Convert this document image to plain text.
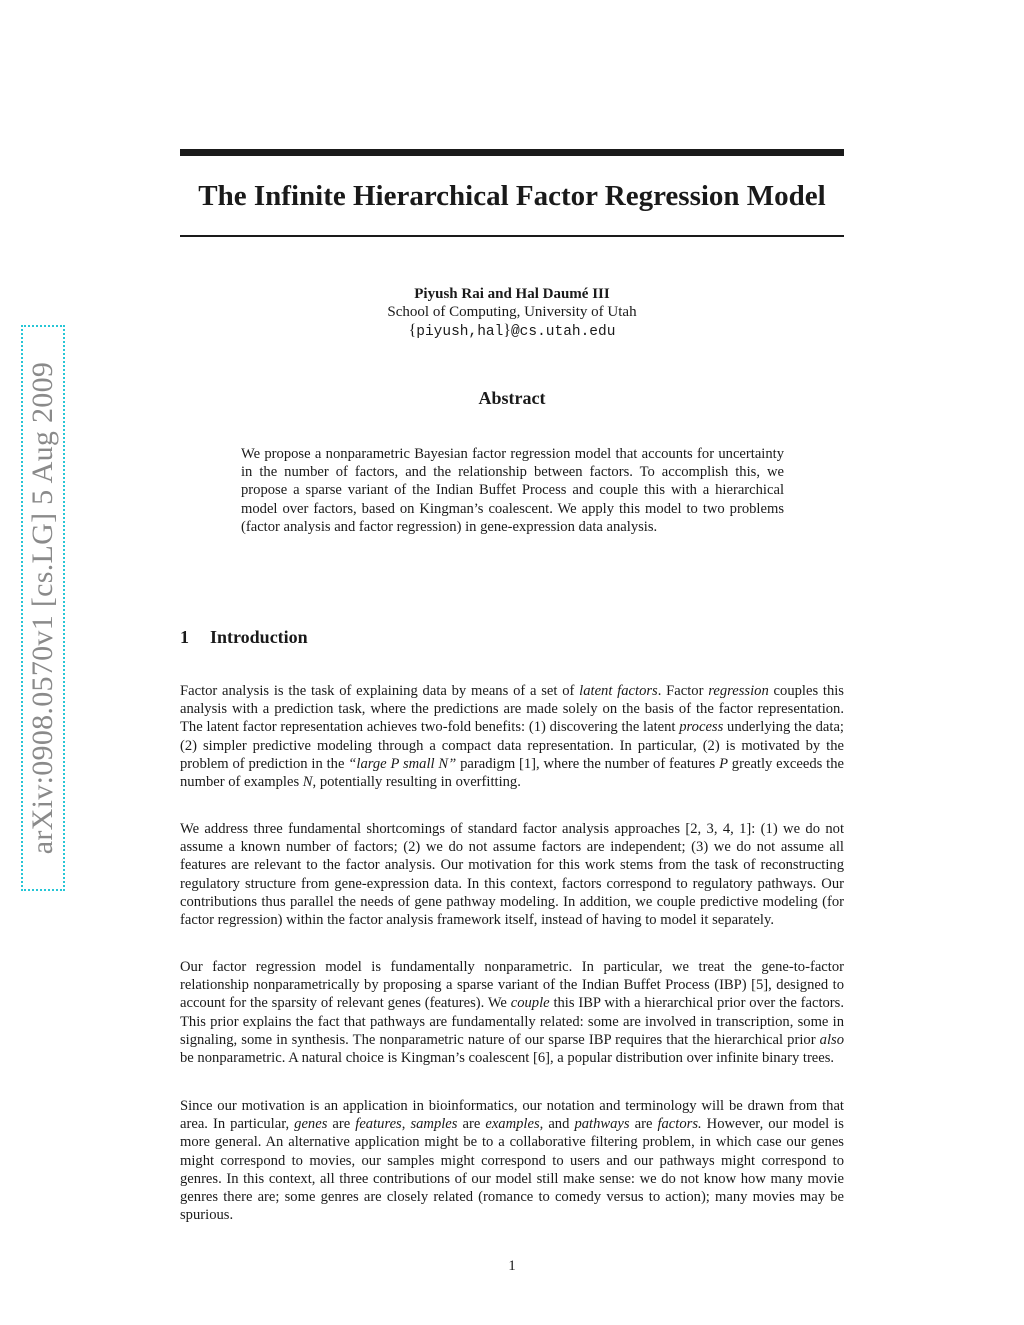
arXiv:0908.0570v1 [cs.LG] 5 Aug 2009
The Infinite Hierarchical Factor Regression Model
Piyush Rai and Hal Daumé III
School of Computing, University of Utah
{piyush,hal}@cs.utah.edu
Abstract

We propose a nonparametric Bayesian factor regression model that accounts for uncertainty in the number of factors, and the relationship between factors. To accomplish this, we propose a sparse variant of the Indian Buffet Process and couple this with a hierarchical model over factors, based on Kingman’s coalescent. We apply this model to two problems (factor analysis and factor regression) in gene-expression data analysis.

1 Introduction

Factor analysis is the task of explaining data by means of a set of latent factors. Factor regression couples this analysis with a prediction task, where the predictions are made solely on the basis of the factor representation. The latent factor representation achieves two-fold benefits: (1) discovering the latent process underlying the data; (2) simpler predictive modeling through a compact data representation. In particular, (2) is motivated by the problem of prediction in the “large P small N” paradigm [1], where the number of features P greatly exceeds the number of examples N, potentially resulting in overfitting.

We address three fundamental shortcomings of standard factor analysis approaches [2, 3, 4, 1]: (1) we do not assume a known number of factors; (2) we do not assume factors are independent; (3) we do not assume all features are relevant to the factor analysis. Our motivation for this work stems from the task of reconstructing regulatory structure from gene-expression data. In this context, factors correspond to regulatory pathways. Our contributions thus parallel the needs of gene pathway modeling. In addition, we couple predictive modeling (for factor regression) within the factor analysis framework itself, instead of having to model it separately.

Our factor regression model is fundamentally nonparametric. In particular, we treat the gene-to-factor relationship nonparametrically by proposing a sparse variant of the Indian Buffet Process (IBP) [5], designed to account for the sparsity of relevant genes (features). We couple this IBP with a hierarchical prior over the factors. This prior explains the fact that pathways are fundamentally related: some are involved in transcription, some in signaling, some in synthesis. The nonparametric nature of our sparse IBP requires that the hierarchical prior also be nonparametric. A natural choice is Kingman’s coalescent [6], a popular distribution over infinite binary trees.

Since our motivation is an application in bioinformatics, our notation and terminology will be drawn from that area. In particular, genes are features, samples are examples, and pathways are factors. However, our model is more general. An alternative application might be to a collaborative filtering problem, in which case our genes might correspond to movies, our samples might correspond to users and our pathways might correspond to genres. In this context, all three contributions of our model still make sense: we do not know how many movie genres there are; some genres are closely related (romance to comedy versus to action); many movies may be spurious.

1
